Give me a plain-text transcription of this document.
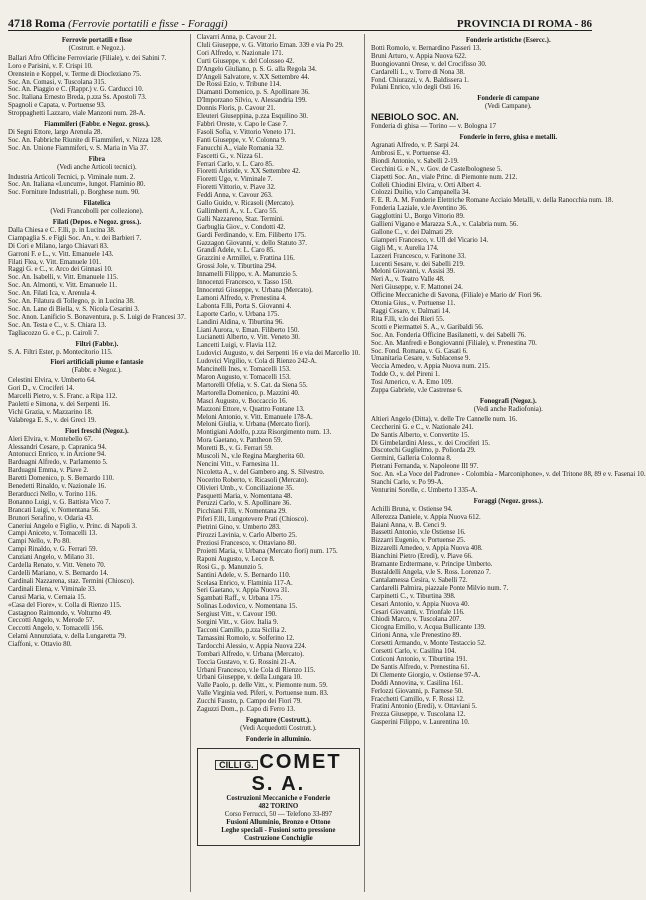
4718 Roma (Ferrovie portatili e fisse - Foraggi)	PROVINCIA DI ROMA - 86
Ferrovie portatili e fisse
(Costrutt. e Negoz.).
Ballari Afro Officine Ferroviarie (Filiale), v. dei Sabini 7.
Loro e Parisini, v. F. Crispi 10.
Orenstein e Koppel, v. Terme di Diocleziano 75.
Soc. An. Comasi, v. Tuscolana 315.
Soc. An. Piaggio e C. (Rappr.) v. G. Carducci 10.
Soc. Italiana Ernesto Breda, p.zza Ss. Apostoli 73.
Spagnoli e Capata, v. Portuense 93.
Stroppaghetti Lazzaro, viale Manzoni num. 28-A.
Fiammiferi (Fabbr. e Negoz. gross.).
Di Segni Ettore, largo Arenula 28.
Soc. An. Fabbriche Riunite di Fiammiferi, v. Nizza 128.
Soc. An. Unione Fiammiferi, v. S. Maria in Via 37.
Fibra
(Vedi anche Articoli tecnici).
Industria Articoli Tecnici, p. Viminale num. 2.
Soc. An. Italiana «Luncum», lungot. Flaminio 80.
Soc. Forniture Industriali, p. Borghese num. 90.
Filatelica
(Vedi Francobolli per collezione).
Filati (Depos. e Negoz. gross.).
Dalla Chiesa e C. F.lli, p. in Lucina 38.
Ciampaglia S. e Figli Soc. An., v. dei Barbieri 7.
Di Cori e Milano, largo Chiavari 83.
Garroni F. e L., v. Vitt. Emanuele 143.
Filati Flea, v. Vitt. Emanuele 101.
Raggi G. e C., v. Arco dei Ginnasi 10.
Soc. An. Isabelli, v. Vitt. Emanuele 115.
Soc. An. Almonti, v. Vitt. Emanuele 11.
Soc. An. Filati Ica, v. Arenula 4.
Soc. An. Filatura di Tollegno, p. in Lucina 38.
Soc. An. Lane di Biella, v. S. Nicola Cesarini 3.
Soc. Anon. Lanificio S. Bonaventura, p. S. Luigi de Francesi 37.
Soc. An. Testa e C., v. S. Chiara 13.
Tagliacozzo G. e C., p. Cairoli 7.
Filtri (Fabbr.).
S. A. Filtri Ester, p. Montecitorio 115.
Fiori artificiali piume e fantasie
(Fabbr. e Negoz.).
Celestini Elvira, v. Umberto 64.
Gori D., v. Crociferi 14.
Marcelli Pietro, v. S. Franc. a Ripa 112.
Paoletti e Simona, v. dei Serpenti 16.
Vichi Grazia, v. Mazzarino 18.
Valabrega E. S., v. dei Greci 19.
Fiori freschi (Negoz.).
Aleri Elvira, v. Montebello 67.
Alessandri Cesare, p. Capranica 94.
Antonucci Enrico, v. in Arcione 94.
Barduagni Alfredo, v. Parlamento 5.
Barduagni Emma, v. Piave 2.
Baretti Domenico, p. S. Bernardo 110.
Benedetti Rinaldo, v. Nazionale 16.
Berarducci Nello, v. Torino 116.
Bonanno Luigi, v. G. Battista Vico 7.
Brancati Luigi, v. Nomentana 56.
Brunori Serafino, v. Odaria 43.
Caneriui Angelo e Figlio, v. Princ. di Napoli 3.
Campi Aniceto, v. Tomacelli 13.
Campi Nello, v. Po 80.
Campi Rinaldo, v. G. Ferrari 59.
Canziani Angelo, v. Milano 31.
Cardella Renato, v. Vitt. Veneto 70.
Cardelli Mariano, v. S. Bernardo 14.
Cardinali Nazzarena, staz. Termini (Chiosco).
Cardinali Elena, v. Viminale 33.
Carusi Maria, v. Cernaia 15.
«Casa del Fiore», v. Colla di Rienzo 115.
Castagnoo Raimondo, v. Volturno 49.
Ceccotti Angelo, v. Merode 57.
Ceccotti Angelo, v. Tomacelli 156.
Celami Annunziata, v. della Lungaretta 79.
Ciaffoni, v. Ottavio 80.
Clavarri Anna, p. Cavour 21.
Cluli Giuseppe, v. G. Vittorio Eman. 339 e via Po 29.
Cori Alfredo, v. Nazionale 171.
Curti Giuseppe, v. del Colosseo 42.
D'Angelo Giuliano, p. S. G. alla Regola 34.
D'Angeli Salvatore, v. XX Settembre 44.
De Rossi Ezio, v. Tribune 114.
Diamanti Domenico, p. S. Apollinare 36.
D'Imporzano Silvio, v. Alessandria 199.
Donnis Floris, p. Cavour 21.
Eleuteri Giuseppina, p.zza Esquilino 30.
Fabbri Oreste, v. Capo le Case 7.
Fasoli Sofia, v. Vittorio Veneto 171.
Fanti Giuseppe, v. V. Colonna 9.
Fanucchi A., viale Romania 32.
Fascetti G., v. Nizza 61.
Ferrari Carlo, v. L. Caro 85.
Fioretti Aristide, v. XX Settembre 42.
Fioretti Ugo, v. Viminale 7.
Fioretti Vittorio, v. Piave 32.
Feddi Anna, v. Cavour 263.
Gallo Guido, v. Ricasoli (Mercato).
Gallimberti A., v. L. Caro 55.
Galli Nazzareno, Staz. Termini.
Garbuglia Giov., v. Condotti 42.
Gardi Ferdinando, v. Em. Filiberto 175.
Gazzagon Giovanni, v. dello Statuto 37.
Grandi Adele, v. L. Caro 85.
Grazzini e Armillei, v. Frattina 116.
Grossi Jole, v. Tiburtina 294.
Innamelli Filippo, v. A. Manunzio 5.
Innocenzi Francesco, v. Tasso 150.
Innocenzi Giuseppe, v. Urbana (Mercato).
Lamoni Alfredo, v. Prenestina 4.
Labonta F.lli, Porta S. Giovanni 4.
Laporte Carlo, v. Urbana 175.
Landini Aldina, v. Tiburtina 96.
Liani Aurora, v. Eman. Filiberto 150.
Lucianetti Alberto, v. Vitt. Veneto 30.
Lancetti Luigi, v. Flavia 112.
Ludovici Augusto, v. dei Serpenti 16 e via dei Marcello 10.
Ludovici Virgilio, v. Cola di Rienzo 242-A.
Mancinelli Ines, v. Tomacelli 153.
Maron Augusto, v. Tomacelli 153.
Martorelli Ofelia, v. S. Cat. da Siena 55.
Martorella Domenico, p. Mazzini 40.
Masci Augusto, v. Boccaccio 16.
Mazzoni Ettore, v. Quattro Fontane 13.
Meloni Antonio, v. Vitt. Emanuele 178-A.
Meloni Giulia, v. Urbana (Mercato fiori).
Montigiani Adolfo, p.zza Risorgimento num. 13.
Mora Gaetano, v. Pantheon 59.
Moretti B., v. G. Ferrari 59.
Muscoli N., v.le Regina Margherita 60.
Nencini Vitt., v. Farnesina 11.
Nicoletta A., v. del Gambero ang. S. Silvestro.
Nocerito Roberto, v. Ricasoli (Mercato).
Olivieri Umb., v. Conciliazione 35.
Pasquetti Maria, v. Nomentana 48.
Peruzzi Carlo, v. S. Apollinare 36.
Picchiani F.lli, v. Nomentana 29.
Piferi F.lli, Lungotevere Prati (Chiosco).
Pietrini Gino, v. Umberto 283.
Pirozzi Lavinia, v. Carlo Alberto 25.
Preziosi Francesco, v. Ottaviano 80.
Proietti Maria, v. Urbana (Mercato fiori) num. 175.
Raponi Augusto, v. Lecce 8.
Rosi G., p. Manunzio 5.
Santini Adele, v. S. Bernardo 110.
Scelasa Enrico, v. Flaminia 117-A.
Seri Gaetano, v. Appia Nuova 31.
Sgambati Raff., v. Urbana 175.
Solinas Lodovico, v. Nomentana 15.
Sergiust Vitt., v. Cavour 190.
Sorgini Vitt., v. Giov. Italia 9.
Tacconi Camillo, p.zza Sicilia 2.
Tamassini Romolo, v. Solferino 12.
Tardocchi Alessio, v. Appia Nuova 224.
Tombari Alfredo, v. Urbana (Mercato).
Toccia Gustavo, v. G. Rossini 21-A.
Urbani Francesco, v.le Cola di Rienzo 115.
Urbani Giuseppe, v. della Lungara 10.
Valle Paolo, p. delle Vitt., v. Piemonte num. 59.
Valle Virginia ved. Piferi, v. Portuense num. 83.
Zucchi Fausto, p. Campo dei Fiori 79.
Zaguzzi Dom., p. Capo di Ferro 13.
Fognature (Costrutt.).
(Vedi Acquedotti Costrutt.).
Fonderie in alluminio.
CILLI G. COMET S. A.
Costruzioni Meccaniche e Fonderie
482 TORINO
Corso Ferrucci, 50 — Telefono 33-897
Fusioni Alluminio, Bronzo e Ottone
Leghe speciali - Fusioni sotto pressione
Costruzione Conchiglie
Fonderie artistiche (Esercc.).
Botti Romolo, v. Bernardino Passeri 13.
Bruni Arturo, v. Appia Nuova 622.
Buongiovanni Orese, v. del Crocifisso 30.
Cardarelli L., v. Torre di Nona 38.
Fond. Chiurazzi, v. A. Baldissera 1.
Polani Enrico, v.lo degli Osti 16.
Fonderie di campane
(Vedi Campane).
NEBIOLO SOC. AN.
Fonderia di ghisa — Torino — v. Bologna 17
Fonderie in ferro, ghisa e metalli.
Agranati Alfredo, v. P. Sarpi 24.
Ambrosi E., v. Portuense 43.
Biondi Antonio, v. Sabelli 2-19.
Cecchini G. e N., v. Gov. de Castelbolognese 5.
Ciapetti Soc. An., viale Princ. di Piemonte num. 212.
Colleli Chiodini Elvira, v. Orti Albert 4.
Colozzi Duilio, v.lo Campanella 34.
F. E. R. A. M. Fonderie Elettriche Romane Acciaio Metalli, v. della Ranocchia num. 18.
Fonderia Laziale, v.le Aventino 36.
Gagglottini U., Borgo Vittorio 89.
Gallieni Vigano e Marazza S.A., v. Calabria num. 56.
Gallone C., v. dei Dalmati 29.
Giamperi Francesco, v. Ufl del Vicario 14.
Gigli M., v. Aurelia 174.
Lazzeri Francesco, v. Farinone 33.
Lucenti Sesare, v. dei Sabelli 219.
Meloni Giovanni, v. Assisi 39.
Neri A., v. Teatro Valle 48.
Neri Giuseppe, v. F. Mattonei 24.
Officine Meccaniche di Savona, (Filiale) e Mario de' Fiori 96.
Ottonia Gius., v. Portuense 11.
Raggi Cesare, v. Dalmati 14.
Rita F.lli, v.lo dei Rieri 55.
Scotti e Piermattei S. A., v. Garibaldi 56.
Soc. An. Fonderia Officine Basilanetti, v. dei Sabelli 76.
Soc. An. Manfredi e Bongiovanni (Filiale), v. Prenestina 70.
Soc. Fond. Romana, v. G. Casati 6.
Umanitaria Cesare, v. Sublacense 9.
Veccia Amedeo, v. Appia Nuova num. 215.
Todde O., v. del Pireni 1.
Tosi Americo, v. A. Emo 109.
Zuppa Gabriele, v.le Castrense 6.
Fonografi (Negoz.).
(Vedi anche Radiofonia).
Altieri Angelo (Ditta), v. delle Tre Cannelle num. 16.
Ceccherini G. e C., v. Nazionale 241.
De Santis Alberto, v. Convertite 15.
Di Gimbelardini Aless., v. dei Crociferi 15.
Discotechi Guglielmo, p. Poliorda 29.
Germini, Galleria Colonna 8.
Pietrani Fernanda, v. Napoleone III 97.
Soc. An. «La Voce del Padrone» - Colombia - Marconiphone», v. del Tritone 88, 89 e v. Fasenai 10.
Stanchi Carlo, v. Po 99-A.
Venturini Sorelle, c. Umberto I 335-A.
Foraggi (Negoz. gross.).
Achilli Bruna, v. Ostiense 94.
Allerezza Daniele, v. Appia Nuova 612.
Baiani Anna, v. B. Cenci 9.
Bassetti Antonio, v.le Ostiense 16.
Bizzarri Eugenio, v. Portuense 25.
Bizzarelli Amedeo, v. Appia Nuova 408.
Bianchini Pietro (Eredi), v. Piave 66.
Bramante Erdtermane, v. Principe Umberto.
Bustaldelli Angela, v.le S. Ross. Lorenzo 7.
Cantalamessa Cesira, v. Sabelli 72.
Cardarelli Palmira, piazzale Ponte Milvio num. 7.
Carpinetti C., v. Tiburtina 398.
Cesari Antonio, v. Appia Nuova 40.
Cesari Giovanni, v. Trionfale 116.
Chiodi Marco, v. Tuscolana 207.
Cicogna Emilio, v. Acqua Bullicante 139.
Cirioni Anna, v.le Prenestino 89.
Corsetti Armando, v. Monte Testaccio 52.
Corsetti Carlo, v. Casilina 104.
Coticoni Antonio, v. Tiburtina 191.
De Santis Alfredo, v. Prenestina 61.
Di Clemente Giorgio, v. Ostiense 97-A.
Doddi Annovina, v. Casilina 161.
Ferlozzi Giovanni, p. Farnese 50.
Fracchetti Camillo, v. F. Rossi 12.
Fratini Antonio (Eredi), v. Ottaviani 5.
Frezza Giuseppe, v. Tuscolana 12.
Gasperini Filippo, v. Laurentina 10.
